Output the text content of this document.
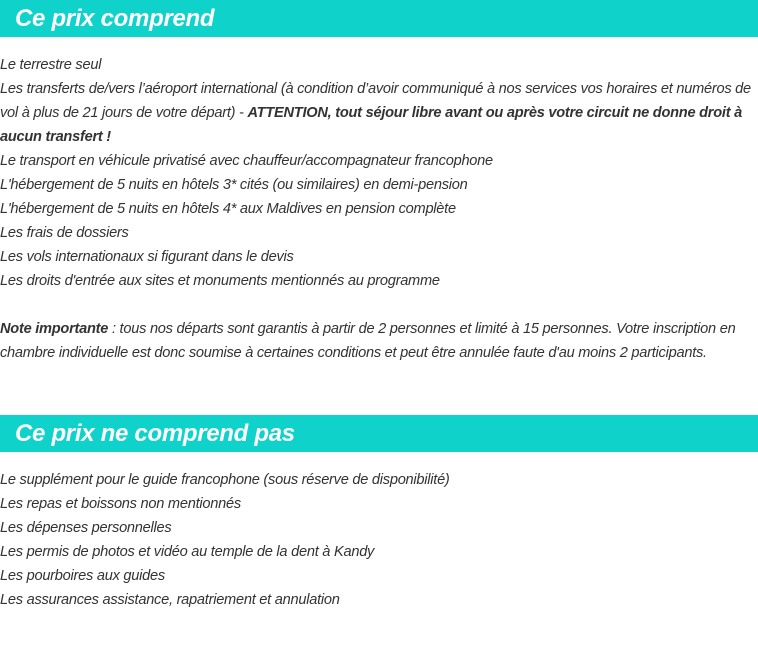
Ce prix comprend
Le terrestre seul
Les transferts de/vers l’aéroport international (à condition d’avoir communiqué à nos services vos horaires et numéros de vol à plus de 21 jours de votre départ) - ATTENTION, tout séjour libre avant ou après votre circuit ne donne droit à aucun transfert !
Le transport en véhicule privatisé avec chauffeur/accompagnateur francophone
L'hébergement de 5 nuits en hôtels 3* cités (ou similaires) en demi-pension
L'hébergement de 5 nuits en hôtels 4* aux Maldives en pension complète
Les frais de dossiers
Les vols internationaux si figurant dans le devis
Les droits d'entrée aux sites et monuments mentionnés au programme
Note importante : tous nos départs sont garantis à partir de 2 personnes et limité à 15 personnes. Votre inscription en chambre individuelle est donc soumise à certaines conditions et peut être annulée faute d'au moins 2 participants.
Ce prix ne comprend pas
Le supplément pour le guide francophone (sous réserve de disponibilité)
Les repas et boissons non mentionnés
Les dépenses personnelles
Les permis de photos et vidéo au temple de la dent à Kandy
Les pourboires aux guides
Les assurances assistance, rapatriement et annulation
